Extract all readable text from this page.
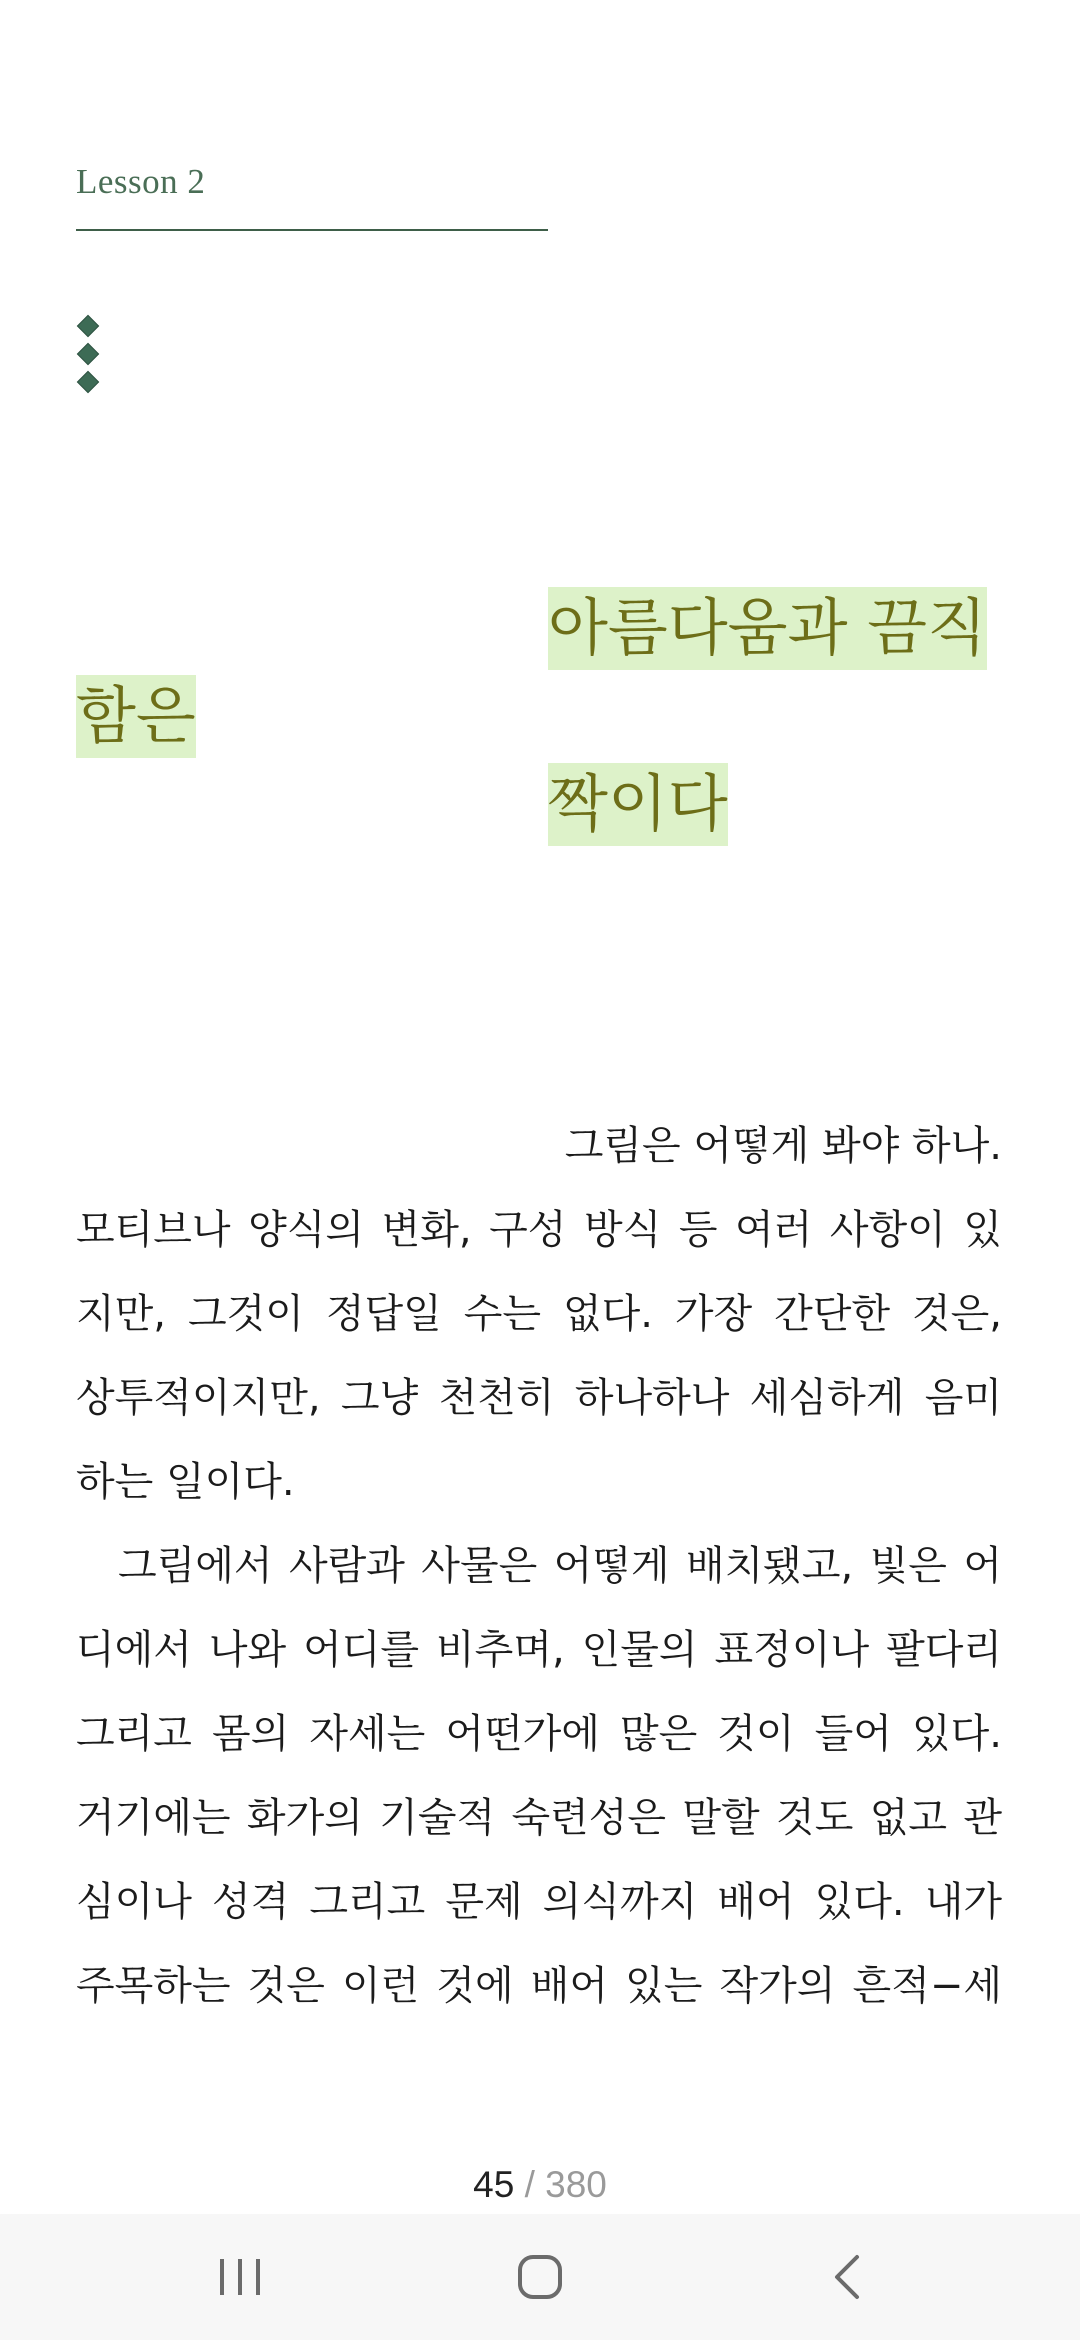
Lesson 2
아름다움과 끔직
함은
짝이다
그림은 어떻게 봐야 하나.
모티브나 양식의 변화, 구성 방식 등 여러 사항이 있
지만, 그것이 정답일 수는 없다. 가장 간단한 것은,
상투적이지만, 그냥 천천히 하나하나 세심하게 음미
하는 일이다.
그림에서 사람과 사물은 어떻게 배치됐고, 빛은 어
디에서 나와 어디를 비추며, 인물의 표정이나 팔다리
그리고 몸의 자세는 어떤가에 많은 것이 들어 있다.
거기에는 화가의 기술적 숙련성은 말할 것도 없고 관
심이나 성격 그리고 문제 의식까지 배어 있다. 내가
주목하는 것은 이런 것에 배어 있는 작가의 흔적−세
45 / 380
